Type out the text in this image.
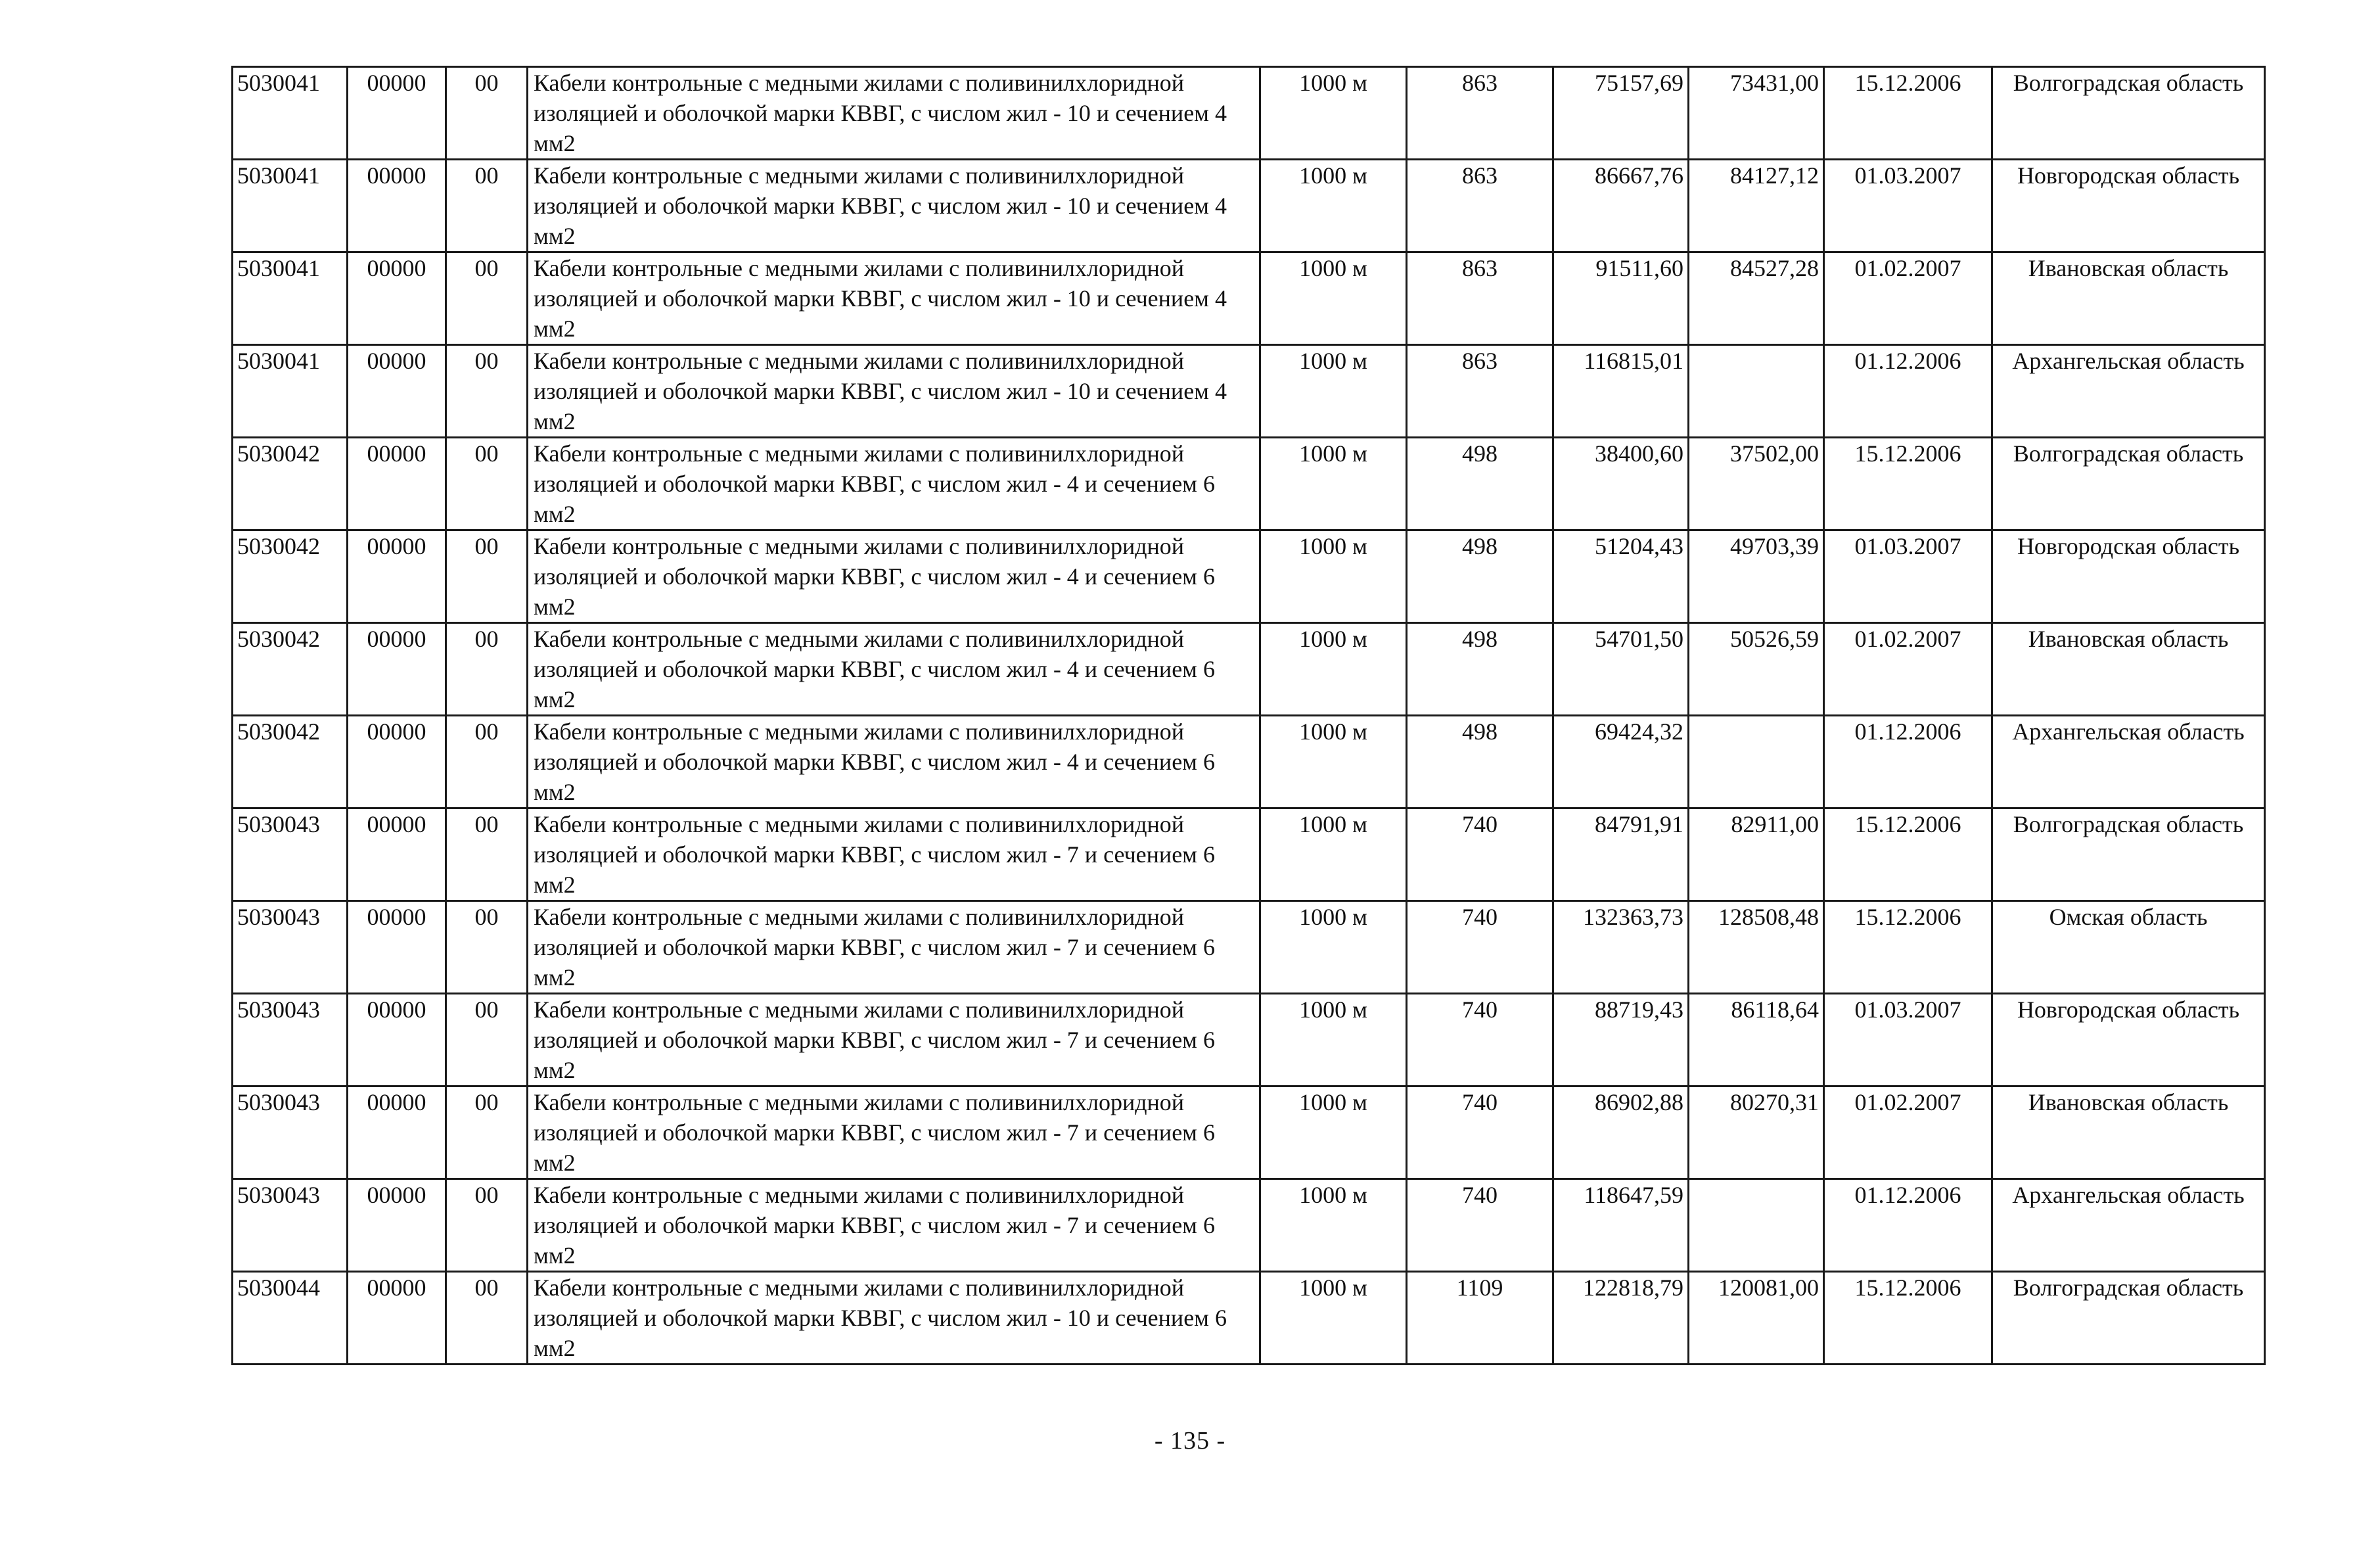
5030041	00000	00	Кабели контрольные с медными жилами с поливинилхлоридной изоляцией и оболочкой марки КВВГ, с числом жил - 10 и сечением 4 мм2	1000 м	863	75157,69	73431,00	15.12.2006	Волгоградская область
5030041	00000	00	Кабели контрольные с медными жилами с поливинилхлоридной изоляцией и оболочкой марки КВВГ, с числом жил - 10 и сечением 4 мм2	1000 м	863	86667,76	84127,12	01.03.2007	Новгородская область
5030041	00000	00	Кабели контрольные с медными жилами с поливинилхлоридной изоляцией и оболочкой марки КВВГ, с числом жил - 10 и сечением 4 мм2	1000 м	863	91511,60	84527,28	01.02.2007	Ивановская область
5030041	00000	00	Кабели контрольные с медными жилами с поливинилхлоридной изоляцией и оболочкой марки КВВГ, с числом жил - 10 и сечением 4 мм2	1000 м	863	116815,01		01.12.2006	Архангельская область
5030042	00000	00	Кабели контрольные с медными жилами с поливинилхлоридной изоляцией и оболочкой марки КВВГ, с числом жил - 4 и сечением 6 мм2	1000 м	498	38400,60	37502,00	15.12.2006	Волгоградская область
5030042	00000	00	Кабели контрольные с медными жилами с поливинилхлоридной изоляцией и оболочкой марки КВВГ, с числом жил - 4 и сечением 6 мм2	1000 м	498	51204,43	49703,39	01.03.2007	Новгородская область
5030042	00000	00	Кабели контрольные с медными жилами с поливинилхлоридной изоляцией и оболочкой марки КВВГ, с числом жил - 4 и сечением 6 мм2	1000 м	498	54701,50	50526,59	01.02.2007	Ивановская область
5030042	00000	00	Кабели контрольные с медными жилами с поливинилхлоридной изоляцией и оболочкой марки КВВГ, с числом жил - 4 и сечением 6 мм2	1000 м	498	69424,32		01.12.2006	Архангельская область
5030043	00000	00	Кабели контрольные с медными жилами с поливинилхлоридной изоляцией и оболочкой марки КВВГ, с числом жил - 7 и сечением 6 мм2	1000 м	740	84791,91	82911,00	15.12.2006	Волгоградская область
5030043	00000	00	Кабели контрольные с медными жилами с поливинилхлоридной изоляцией и оболочкой марки КВВГ, с числом жил - 7 и сечением 6 мм2	1000 м	740	132363,73	128508,48	15.12.2006	Омская область
5030043	00000	00	Кабели контрольные с медными жилами с поливинилхлоридной изоляцией и оболочкой марки КВВГ, с числом жил - 7 и сечением 6 мм2	1000 м	740	88719,43	86118,64	01.03.2007	Новгородская область
5030043	00000	00	Кабели контрольные с медными жилами с поливинилхлоридной изоляцией и оболочкой марки КВВГ, с числом жил - 7 и сечением 6 мм2	1000 м	740	86902,88	80270,31	01.02.2007	Ивановская область
5030043	00000	00	Кабели контрольные с медными жилами с поливинилхлоридной изоляцией и оболочкой марки КВВГ, с числом жил - 7 и сечением 6 мм2	1000 м	740	118647,59		01.12.2006	Архангельская область
5030044	00000	00	Кабели контрольные с медными жилами с поливинилхлоридной изоляцией и оболочкой марки КВВГ, с числом жил - 10 и сечением 6 мм2	1000 м	1109	122818,79	120081,00	15.12.2006	Волгоградская область
- 135 -
